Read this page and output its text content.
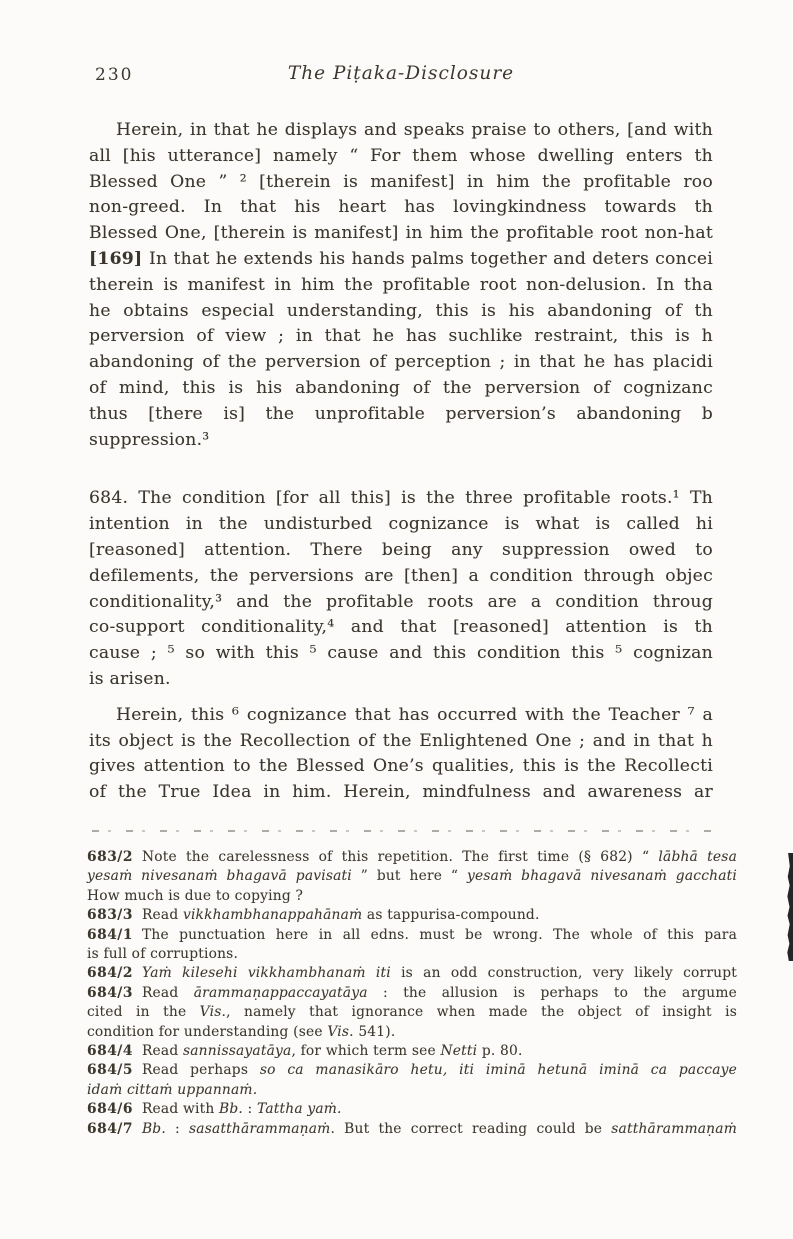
230	The Piṭaka-Disclosure
Herein, in that he displays and speaks praise to others, [and with
all [his utterance] namely “ For them whose dwelling enters th
Blessed One ” ² [therein is manifest] in him the profitable roo
non-greed. In that his heart has lovingkindness towards th
Blessed One, [therein is manifest] in him the profitable root non-hat
[169] In that he extends his hands palms together and deters concei
therein is manifest in him the profitable root non-delusion. In tha
he obtains especial understanding, this is his abandoning of th
perversion of view ; in that he has suchlike restraint, this is h
abandoning of the perversion of perception ; in that he has placidi
of mind, this is his abandoning of the perversion of cognizanc
thus [there is] the unprofitable perversion’s abandoning b
suppression.³
684. The condition [for all this] is the three profitable roots.¹ Th
intention in the undisturbed cognizance is what is called hi
[reasoned] attention. There being any suppression owed to
defilements, the perversions are [then] a condition through objec
conditionality,³ and the profitable roots are a condition throug
co-support conditionality,⁴ and that [reasoned] attention is th
cause ; ⁵ so with this ⁵ cause and this condition this ⁵ cognizan
is arisen.
Herein, this ⁶ cognizance that has occurred with the Teacher ⁷ a
its object is the Recollection of the Enlightened One ; and in that h
gives attention to the Blessed One’s qualities, this is the Recollecti
of the True Idea in him. Herein, mindfulness and awareness ar
683/2 Note the carelessness of this repetition. The first time (§ 682) “ lābhā tesa
yesaṁ nivesanaṁ bhagavā pavisati ” but here “ yesaṁ bhagavā nivesanaṁ gacchati
How much is due to copying ?
683/3 Read vikkhambhanappahānaṁ as tappurisa-compound.
684/1 The punctuation here in all edns. must be wrong. The whole of this para
is full of corruptions.
684/2 Yaṁ kilesehi vikkhambhanaṁ iti is an odd construction, very likely corrupt
684/3 Read ārammaṇappaccayatāya : the allusion is perhaps to the argume
cited in the Vis., namely that ignorance when made the object of insight is
condition for understanding (see Vis. 541).
684/4 Read sannissayatāya, for which term see Netti p. 80.
684/5 Read perhaps so ca manasikāro hetu, iti iminā hetunā iminā ca paccaye
idaṁ cittaṁ uppannaṁ.
684/6 Read with Bb. : Tattha yaṁ.
684/7 Bb. : sasatthārammaṇaṁ. But the correct reading could be satthārammaṇaṁ
